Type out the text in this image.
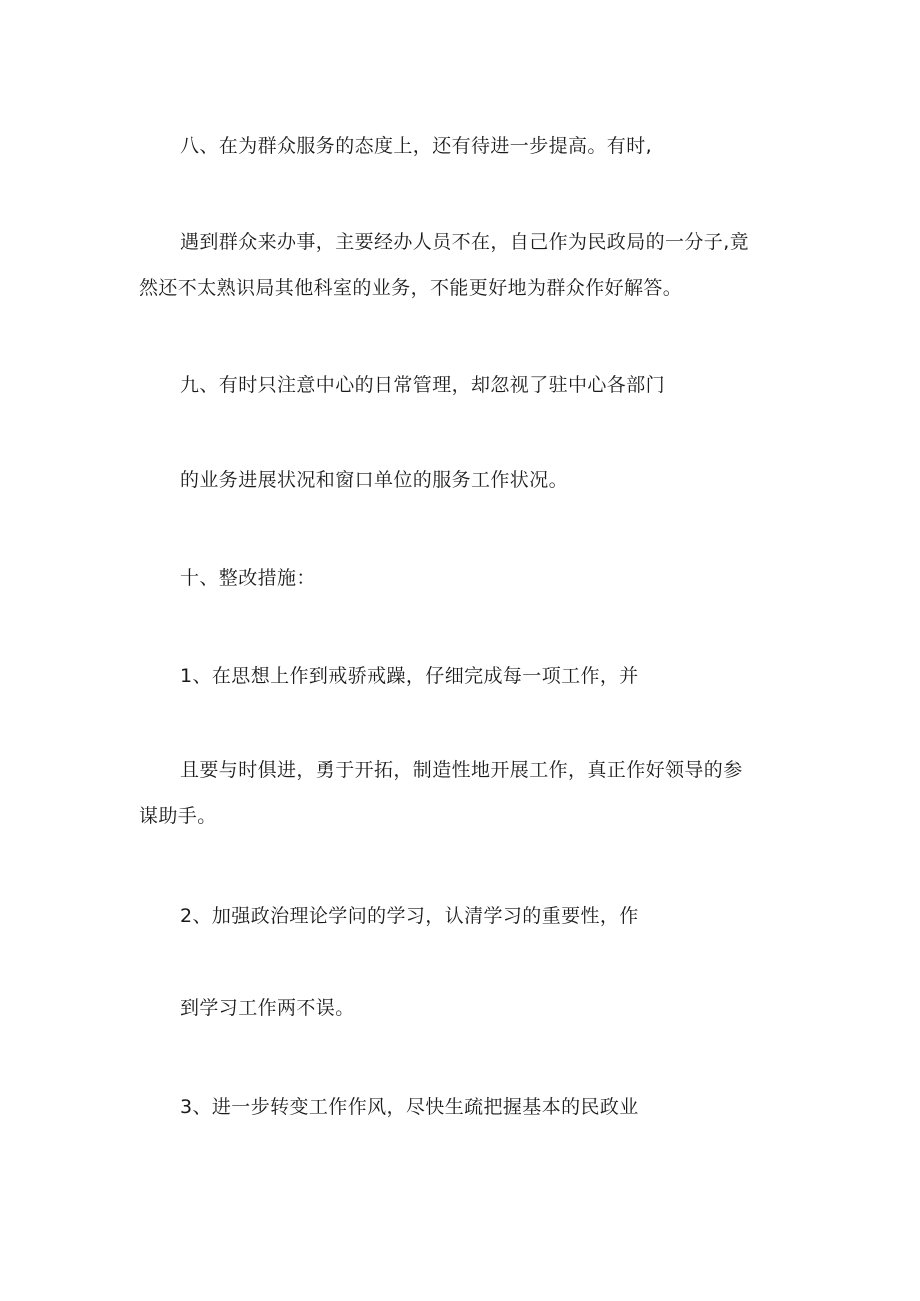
八、在为群众服务的态度上，还有待进一步提高。有时,
遇到群众来办事，主要经办人员不在，自己作为民政局的一分子,竟
然还不太熟识局其他科室的业务，不能更好地为群众作好解答。
九、有时只注意中心的日常管理，却忽视了驻中心各部门
的业务进展状况和窗口单位的服务工作状况。
十、整改措施：
1、在思想上作到戒骄戒躁，仔细完成每一项工作，并
且要与时俱进，勇于开拓，制造性地开展工作，真正作好领导的参
谋助手。
2、加强政治理论学问的学习，认清学习的重要性，作
到学习工作两不误。
3、进一步转变工作作风，尽快生疏把握基本的民政业
